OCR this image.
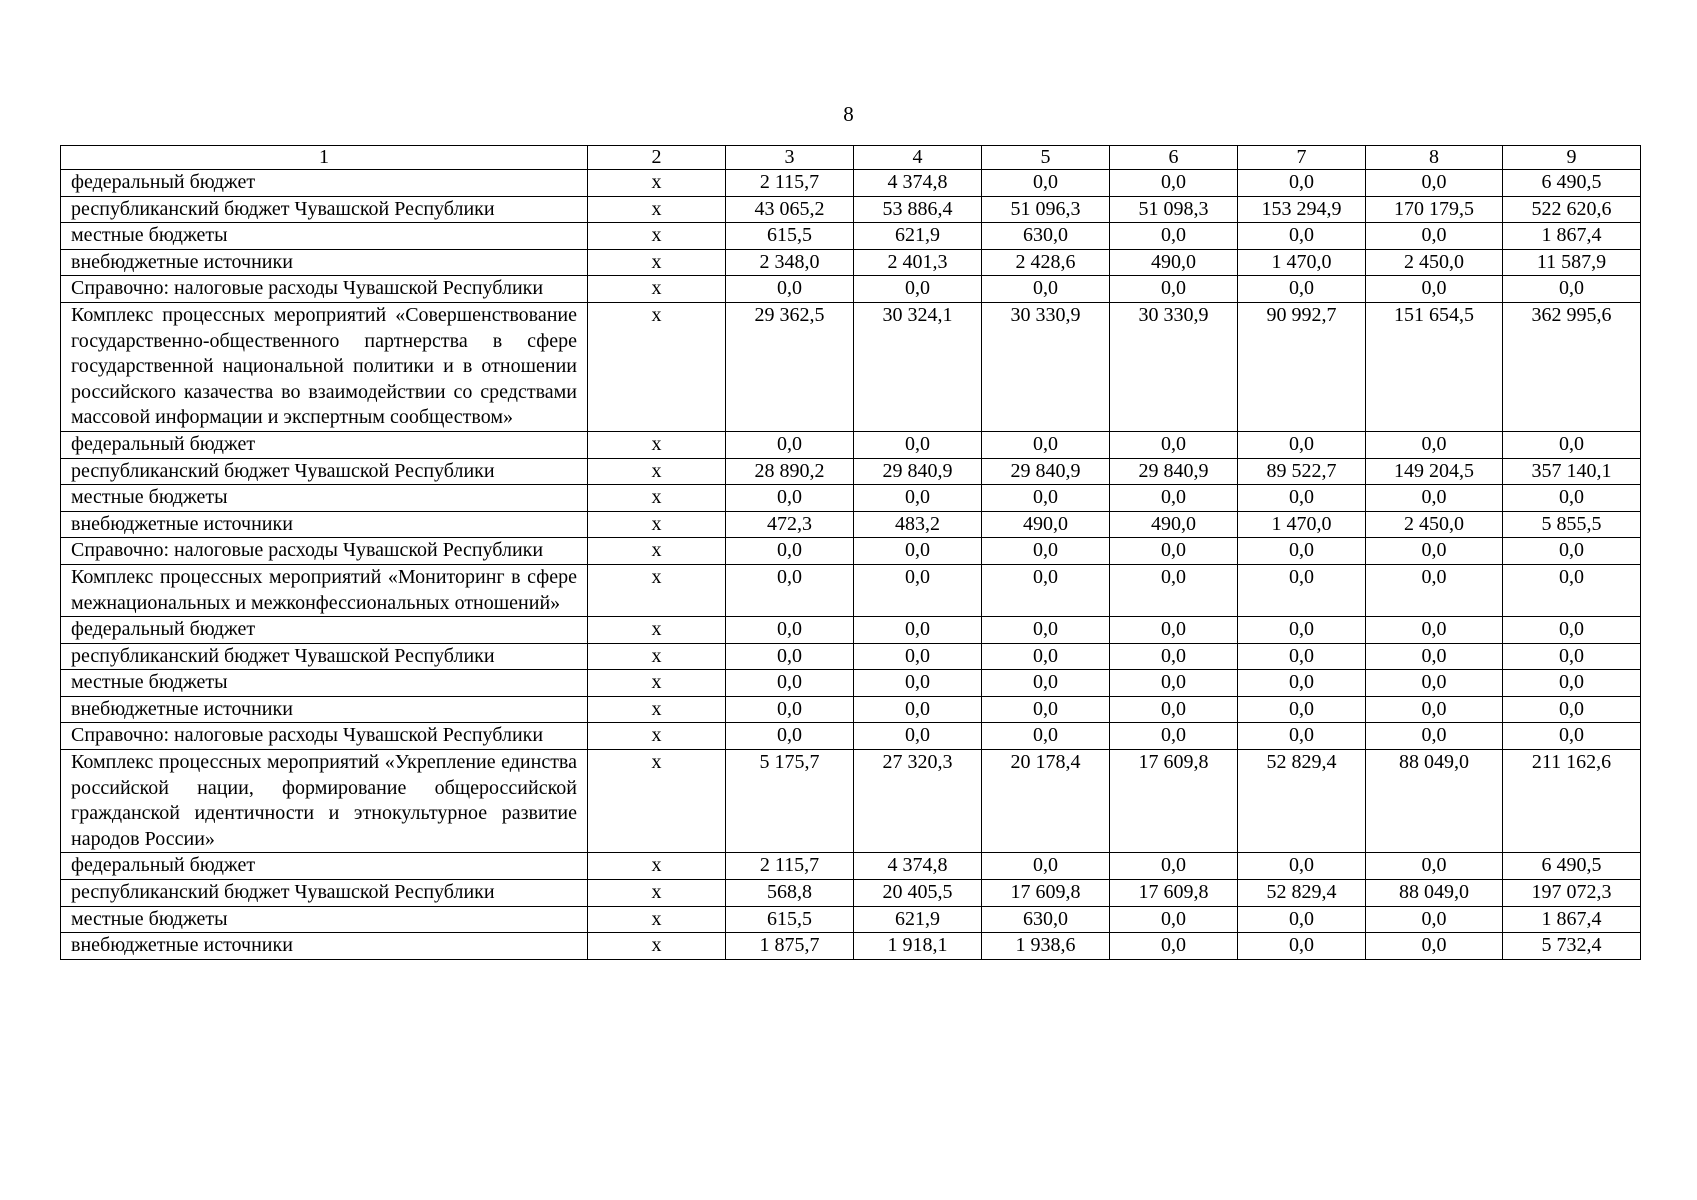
8
1	2	3	4	5	6	7	8	9
федеральный бюджет	x	2 115,7	4 374,8	0,0	0,0	0,0	0,0	6 490,5
республиканский бюджет Чувашской Республики	x	43 065,2	53 886,4	51 096,3	51 098,3	153 294,9	170 179,5	522 620,6
местные бюджеты	x	615,5	621,9	630,0	0,0	0,0	0,0	1 867,4
внебюджетные источники	x	2 348,0	2 401,3	2 428,6	490,0	1 470,0	2 450,0	11 587,9
Справочно: налоговые расходы Чувашской Республики	x	0,0	0,0	0,0	0,0	0,0	0,0	0,0
Комплекс процессных мероприятий «Совершенствование государственно-общественного партнерства в сфере государственной национальной политики и в отношении российского казачества во взаимодействии со средствами массовой информации и экспертным сообществом»	x	29 362,5	30 324,1	30 330,9	30 330,9	90 992,7	151 654,5	362 995,6
федеральный бюджет	x	0,0	0,0	0,0	0,0	0,0	0,0	0,0
республиканский бюджет Чувашской Республики	x	28 890,2	29 840,9	29 840,9	29 840,9	89 522,7	149 204,5	357 140,1
местные бюджеты	x	0,0	0,0	0,0	0,0	0,0	0,0	0,0
внебюджетные источники	x	472,3	483,2	490,0	490,0	1 470,0	2 450,0	5 855,5
Справочно: налоговые расходы Чувашской Республики	x	0,0	0,0	0,0	0,0	0,0	0,0	0,0
Комплекс процессных мероприятий «Мониторинг в сфере межнациональных и межконфессиональных отношений»	x	0,0	0,0	0,0	0,0	0,0	0,0	0,0
федеральный бюджет	x	0,0	0,0	0,0	0,0	0,0	0,0	0,0
республиканский бюджет Чувашской Республики	x	0,0	0,0	0,0	0,0	0,0	0,0	0,0
местные бюджеты	x	0,0	0,0	0,0	0,0	0,0	0,0	0,0
внебюджетные источники	x	0,0	0,0	0,0	0,0	0,0	0,0	0,0
Справочно: налоговые расходы Чувашской Республики	x	0,0	0,0	0,0	0,0	0,0	0,0	0,0
Комплекс процессных мероприятий «Укрепление единства российской нации, формирование общероссийской гражданской идентичности и этнокультурное развитие народов России»	x	5 175,7	27 320,3	20 178,4	17 609,8	52 829,4	88 049,0	211 162,6
федеральный бюджет	x	2 115,7	4 374,8	0,0	0,0	0,0	0,0	6 490,5
республиканский бюджет Чувашской Республики	x	568,8	20 405,5	17 609,8	17 609,8	52 829,4	88 049,0	197 072,3
местные бюджеты	x	615,5	621,9	630,0	0,0	0,0	0,0	1 867,4
внебюджетные источники	x	1 875,7	1 918,1	1 938,6	0,0	0,0	0,0	5 732,4
